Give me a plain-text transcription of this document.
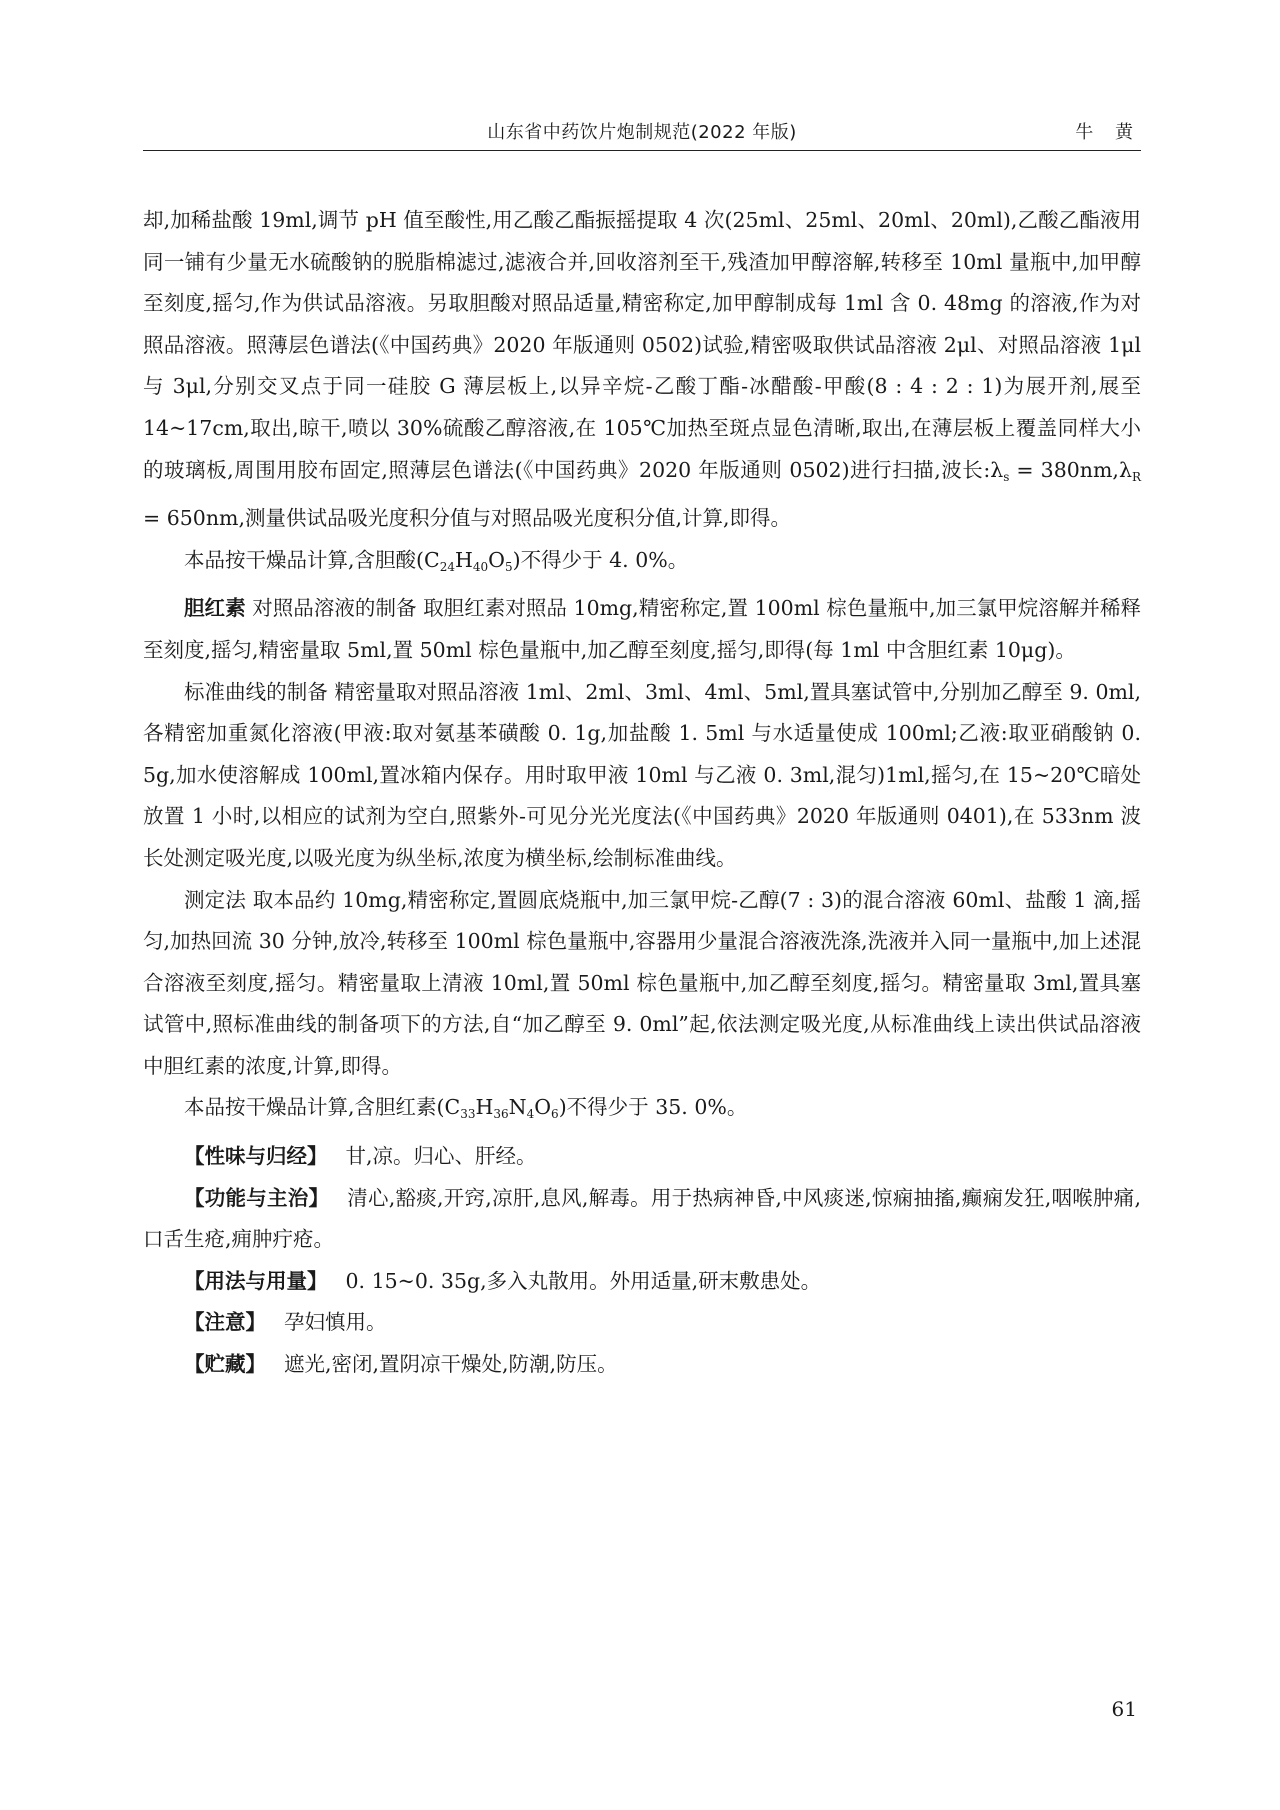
山东省中药饮片炮制规范(2022 年版)	牛 黄

却,加稀盐酸 19ml,调节 pH 值至酸性,用乙酸乙酯振摇提取 4 次(25ml、25ml、20ml、20ml),乙酸乙酯液用同一铺有少量无水硫酸钠的脱脂棉滤过,滤液合并,回收溶剂至干,残渣加甲醇溶解,转移至 10ml 量瓶中,加甲醇至刻度,摇匀,作为供试品溶液。另取胆酸对照品适量,精密称定,加甲醇制成每 1ml 含 0. 48mg 的溶液,作为对照品溶液。照薄层色谱法(《中国药典》2020 年版通则 0502)试验,精密吸取供试品溶液 2μl、对照品溶液 1μl 与 3μl,分别交叉点于同一硅胶 G 薄层板上,以异辛烷-乙酸丁酯-冰醋酸-甲酸(8 : 4 : 2 : 1)为展开剂,展至 14~17cm,取出,晾干,喷以 30%硫酸乙醇溶液,在 105℃加热至斑点显色清晰,取出,在薄层板上覆盖同样大小的玻璃板,周围用胶布固定,照薄层色谱法(《中国药典》2020 年版通则 0502)进行扫描,波长$:\lambda_s = 380nm,\lambda_R = 650nm$,测量供试品吸光度积分值与对照品吸光度积分值,计算,即得。

本品按干燥品计算,含胆酸$(C_{24}H_{40}O_5)$不得少于 4. 0%。

胆红素 对照品溶液的制备 取胆红素对照品 10mg,精密称定,置 100ml 棕色量瓶中,加三氯甲烷溶解并稀释至刻度,摇匀,精密量取 5ml,置 50ml 棕色量瓶中,加乙醇至刻度,摇匀,即得(每 1ml 中含胆红素 10μg)。

标准曲线的制备 精密量取对照品溶液 1ml、2ml、3ml、4ml、5ml,置具塞试管中,分别加乙醇至 9. 0ml,各精密加重氮化溶液(甲液:取对氨基苯磺酸 0. 1g,加盐酸 1. 5ml 与水适量使成 100ml;乙液:取亚硝酸钠 0. 5g,加水使溶解成 100ml,置冰箱内保存。用时取甲液 10ml 与乙液 0. 3ml,混匀)1ml,摇匀,在 15~20℃暗处放置 1 小时,以相应的试剂为空白,照紫外-可见分光光度法(《中国药典》2020 年版通则 0401),在 533nm 波长处测定吸光度,以吸光度为纵坐标,浓度为横坐标,绘制标准曲线。

测定法 取本品约 10mg,精密称定,置圆底烧瓶中,加三氯甲烷-乙醇(7 : 3)的混合溶液 60ml、盐酸 1 滴,摇匀,加热回流 30 分钟,放冷,转移至 100ml 棕色量瓶中,容器用少量混合溶液洗涤,洗液并入同一量瓶中,加上述混合溶液至刻度,摇匀。精密量取上清液 10ml,置 50ml 棕色量瓶中,加乙醇至刻度,摇匀。精密量取 3ml,置具塞试管中,照标准曲线的制备项下的方法,自“加乙醇至 9. 0ml”起,依法测定吸光度,从标准曲线上读出供试品溶液中胆红素的浓度,计算,即得。

本品按干燥品计算,含胆红素$(C_{33}H_{36}N_4O_6)$不得少于 35. 0%。

【性味与归经】 甘,凉。归心、肝经。

【功能与主治】 清心,豁痰,开窍,凉肝,息风,解毒。用于热病神昏,中风痰迷,惊痫抽搐,癫痫发狂,咽喉肿痛,口舌生疮,痈肿疔疮。

【用法与用量】 0. 15~0. 35g,多入丸散用。外用适量,研末敷患处。

【注意】 孕妇慎用。

【贮藏】 遮光,密闭,置阴凉干燥处,防潮,防压。

61
